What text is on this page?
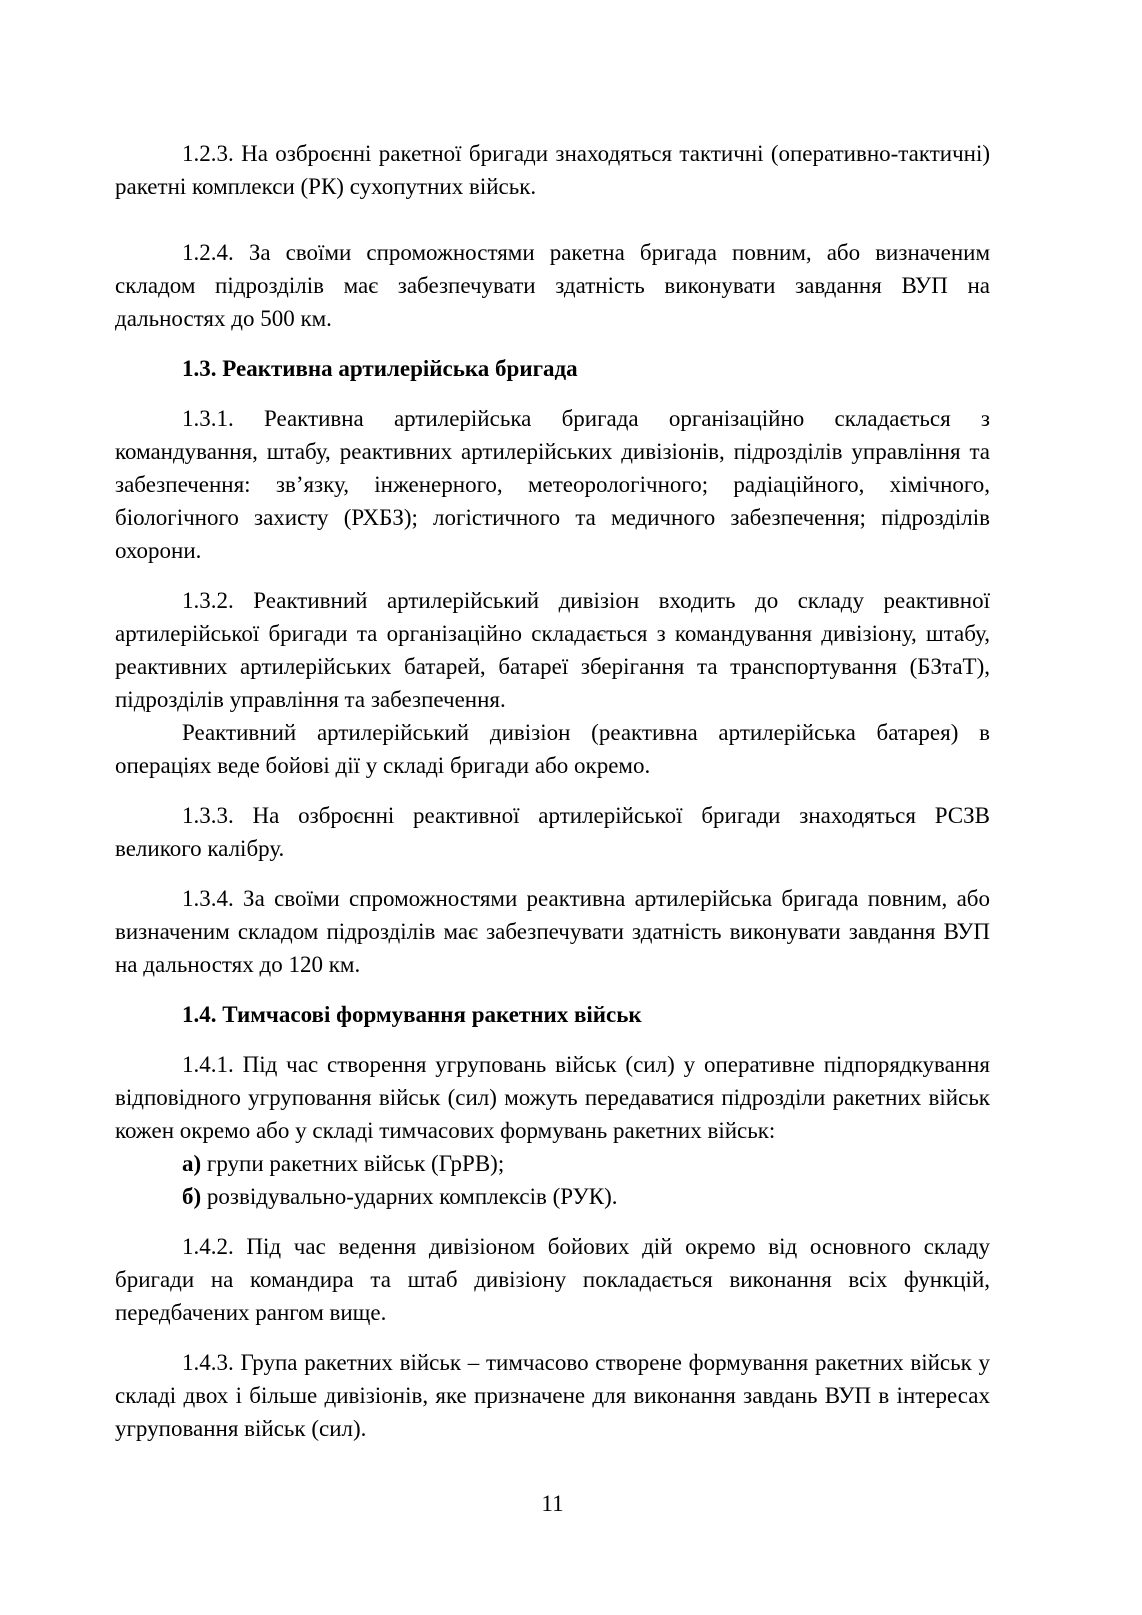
1.2.3. На озброєнні ракетної бригади знаходяться тактичні (оперативно-тактичні) ракетні комплекси (РК) сухопутних військ.

1.2.4. За своїми спроможностями ракетна бригада повним, або визначеним складом підрозділів має забезпечувати здатність виконувати завдання ВУП на дальностях до 500 км.

1.3. Реактивна артилерійська бригада

1.3.1. Реактивна артилерійська бригада організаційно складається з командування, штабу, реактивних артилерійських дивізіонів, підрозділів управління та забезпечення: зв’язку, інженерного, метеорологічного; радіаційного, хімічного, біологічного захисту (РХБЗ); логістичного та медичного забезпечення; підрозділів охорони.

1.3.2. Реактивний артилерійський дивізіон входить до складу реактивної артилерійської бригади та організаційно складається з командування дивізіону, штабу, реактивних артилерійських батарей, батареї зберігання та транспортування (БЗтаТ), підрозділів управління та забезпечення.

Реактивний артилерійський дивізіон (реактивна артилерійська батарея) в операціях веде бойові дії у складі бригади або окремо.

1.3.3. На озброєнні реактивної артилерійської бригади знаходяться РСЗВ великого калібру.

1.3.4. За своїми спроможностями реактивна артилерійська бригада повним, або визначеним складом підрозділів має забезпечувати здатність виконувати завдання ВУП на дальностях до 120 км.

1.4. Тимчасові формування ракетних військ

1.4.1. Під час створення угруповань військ (сил) у оперативне підпорядкування відповідного угруповання військ (сил) можуть передаватися підрозділи ракетних військ кожен окремо або у складі тимчасових формувань ракетних військ:

а) групи ракетних військ (ГрРВ);

б) розвідувально-ударних комплексів (РУК).

1.4.2. Під час ведення дивізіоном бойових дій окремо від основного складу бригади на командира та штаб дивізіону покладається виконання всіх функцій, передбачених рангом вище.

1.4.3. Група ракетних військ – тимчасово створене формування ракетних військ у складі двох і більше дивізіонів, яке призначене для виконання завдань ВУП в інтересах угруповання військ (сил).

11
